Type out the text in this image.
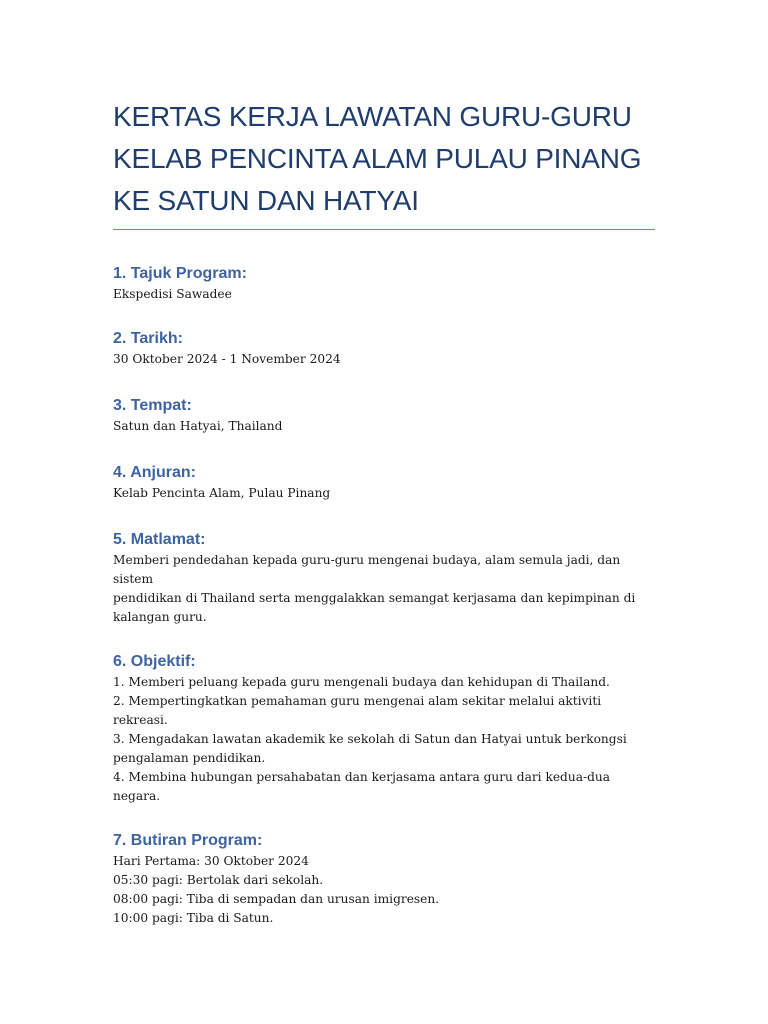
KERTAS KERJA LAWATAN GURU-GURU
KELAB PENCINTA ALAM PULAU PINANG
KE SATUN DAN HATYAI
1. Tajuk Program:

Ekspedisi Sawadee

2. Tarikh:

30 Oktober 2024 - 1 November 2024

3. Tempat:

Satun dan Hatyai, Thailand

4. Anjuran:

Kelab Pencinta Alam, Pulau Pinang

5. Matlamat:

Memberi pendedahan kepada guru-guru mengenai budaya, alam semula jadi, dan sistem
pendidikan di Thailand serta menggalakkan semangat kerjasama dan kepimpinan di
kalangan guru.

6. Objektif:

1. Memberi peluang kepada guru mengenali budaya dan kehidupan di Thailand.
2. Mempertingkatkan pemahaman guru mengenai alam sekitar melalui aktiviti rekreasi.
3. Mengadakan lawatan akademik ke sekolah di Satun dan Hatyai untuk berkongsi
pengalaman pendidikan.
4. Membina hubungan persahabatan dan kerjasama antara guru dari kedua-dua negara.

7. Butiran Program:

Hari Pertama: 30 Oktober 2024
05:30 pagi: Bertolak dari sekolah.
08:00 pagi: Tiba di sempadan dan urusan imigresen.
10:00 pagi: Tiba di Satun.
